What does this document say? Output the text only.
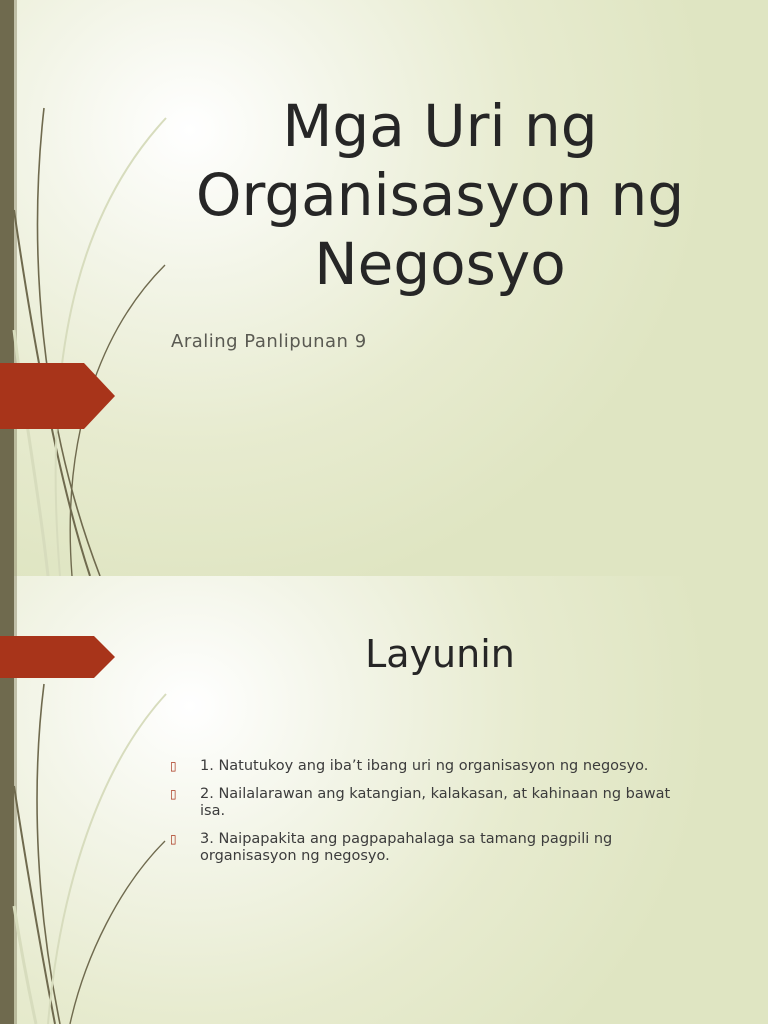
Mga Uri ng Organisasyon ng Negosyo
Araling Panlipunan 9
Layunin
▯ 1. Natutukoy ang iba’t ibang uri ng organisasyon ng negosyo.
▯ 2. Nailalarawan ang katangian, kalakasan, at kahinaan ng bawat isa.
▯ 3. Naipapakita ang pagpapahalaga sa tamang pagpili ng organisasyon ng negosyo.
